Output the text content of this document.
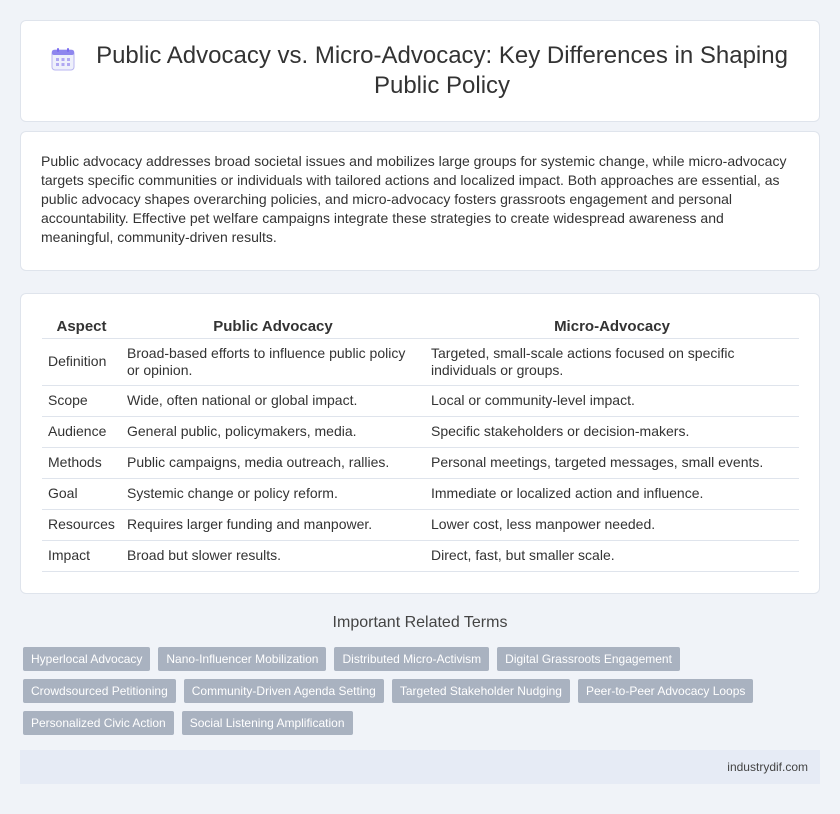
Public Advocacy vs. Micro-Advocacy: Key Differences in Shaping Public Policy

Public advocacy addresses broad societal issues and mobilizes large groups for systemic change, while micro-advocacy targets specific communities or individuals with tailored actions and localized impact. Both approaches are essential, as public advocacy shapes overarching policies, and micro-advocacy fosters grassroots engagement and personal accountability. Effective pet welfare campaigns integrate these strategies to create widespread awareness and meaningful, community-driven results.

Aspect	Public Advocacy	Micro-Advocacy
Definition	Broad-based efforts to influence public policy or opinion.	Targeted, small-scale actions focused on specific individuals or groups.
Scope	Wide, often national or global impact.	Local or community-level impact.
Audience	General public, policymakers, media.	Specific stakeholders or decision-makers.
Methods	Public campaigns, media outreach, rallies.	Personal meetings, targeted messages, small events.
Goal	Systemic change or policy reform.	Immediate or localized action and influence.
Resources	Requires larger funding and manpower.	Lower cost, less manpower needed.
Impact	Broad but slower results.	Direct, fast, but smaller scale.
Important Related Terms
Hyperlocal Advocacy	Nano-Influencer Mobilization	Distributed Micro-Activism	Digital Grassroots Engagement
Crowdsourced Petitioning	Community-Driven Agenda Setting	Targeted Stakeholder Nudging	Peer-to-Peer Advocacy Loops
Personalized Civic Action	Social Listening Amplification
industrydif.com
